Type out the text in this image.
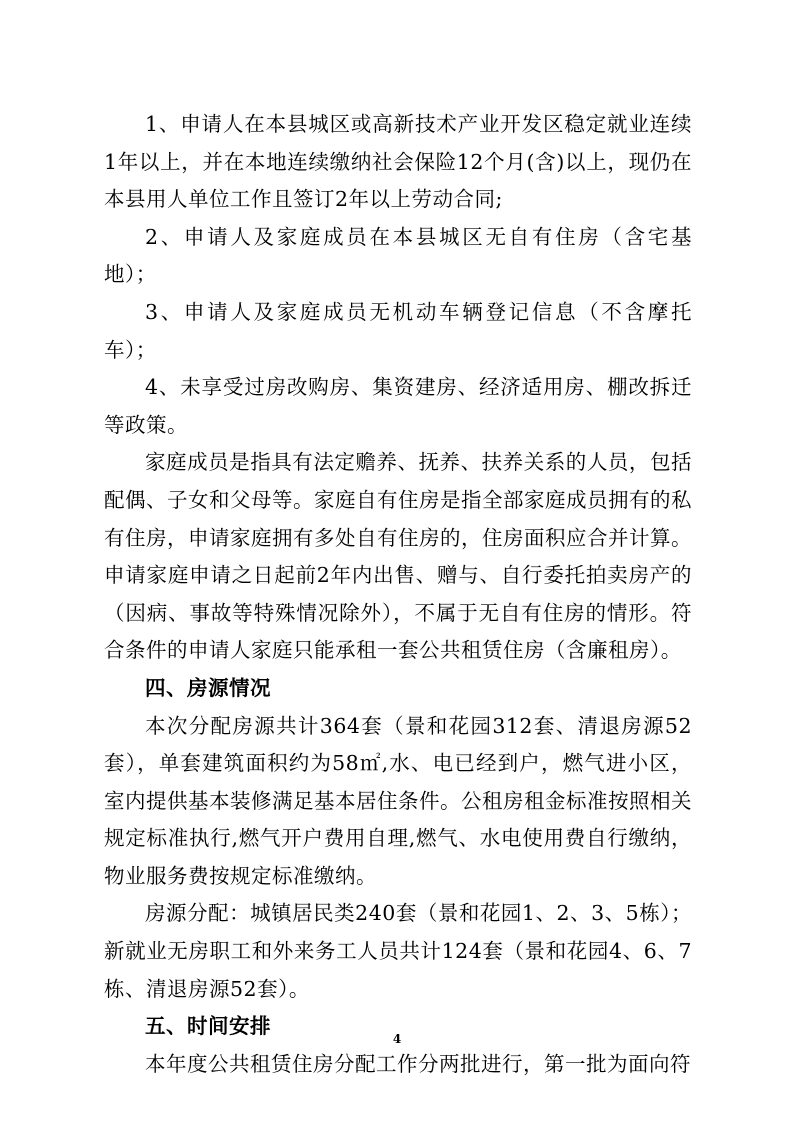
1、申请人在本县城区或高新技术产业开发区稳定就业连续1年以上，并在本地连续缴纳社会保险12个月(含)以上，现仍在本县用人单位工作且签订2年以上劳动合同;

2、申请人及家庭成员在本县城区无自有住房（含宅基地）；

3、申请人及家庭成员无机动车辆登记信息（不含摩托车）；

4、未享受过房改购房、集资建房、经济适用房、棚改拆迁等政策。

家庭成员是指具有法定赡养、抚养、扶养关系的人员，包括配偶、子女和父母等。家庭自有住房是指全部家庭成员拥有的私有住房，申请家庭拥有多处自有住房的，住房面积应合并计算。申请家庭申请之日起前2年内出售、赠与、自行委托拍卖房产的（因病、事故等特殊情况除外），不属于无自有住房的情形。符合条件的申请人家庭只能承租一套公共租赁住房（含廉租房）。

四、房源情况

本次分配房源共计364套（景和花园312套、清退房源52套），单套建筑面积约为58㎡,水、电已经到户，燃气进小区，室内提供基本装修满足基本居住条件。公租房租金标准按照相关规定标准执行,燃气开户费用自理,燃气、水电使用费自行缴纳，物业服务费按规定标准缴纳。

房源分配：城镇居民类240套（景和花园1、2、3、5栋）；新就业无房职工和外来务工人员共计124套（景和花园4、6、7栋、清退房源52套）。

五、时间安排

本年度公共租赁住房分配工作分两批进行，第一批为面向符

4
